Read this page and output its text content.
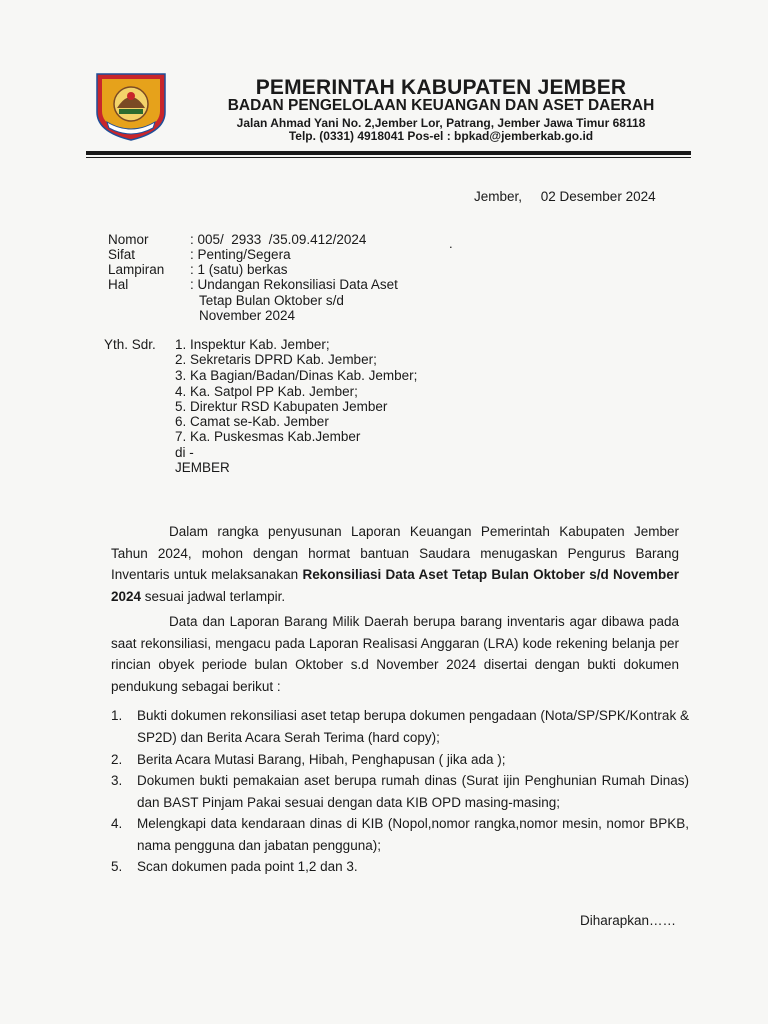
PEMERINTAH KABUPATEN JEMBER
BADAN PENGELOLAAN KEUANGAN DAN ASET DAERAH
Jalan Ahmad Yani No. 2,Jember Lor, Patrang, Jember Jawa Timur 68118
Telp. (0331) 4918041 Pos-el : bpkad@jemberkab.go.id
Jember,     02 Desember 2024
Nomor
Sifat
Lampiran
Hal
: 005/  2933  /35.09.412/2024
: Penting/Segera
: 1 (satu) berkas
: Undangan Rekonsiliasi Data Aset
Tetap Bulan Oktober s/d
November 2024
.
Yth. Sdr. 1. Inspektur Kab. Jember;
2. Sekretaris DPRD Kab. Jember;
3. Ka Bagian/Badan/Dinas Kab. Jember;
4. Ka. Satpol PP Kab. Jember;
5. Direktur RSD Kabupaten Jember
6. Camat se-Kab. Jember
7. Ka. Puskesmas Kab.Jember
di -
JEMBER
Dalam rangka penyusunan Laporan Keuangan Pemerintah Kabupaten Jember Tahun 2024, mohon dengan hormat bantuan Saudara menugaskan Pengurus Barang Inventaris untuk melaksanakan Rekonsiliasi Data Aset Tetap Bulan Oktober s/d November 2024 sesuai jadwal terlampir.
Data dan Laporan Barang Milik Daerah berupa barang inventaris agar dibawa pada saat rekonsiliasi, mengacu pada Laporan Realisasi Anggaran (LRA) kode rekening belanja per rincian obyek periode bulan Oktober s.d November 2024 disertai dengan bukti dokumen pendukung sebagai berikut :
1. Bukti dokumen rekonsiliasi aset tetap berupa dokumen pengadaan (Nota/SP/SPK/Kontrak & SP2D) dan Berita Acara Serah Terima (hard copy);
2. Berita Acara Mutasi Barang, Hibah, Penghapusan ( jika ada );
3. Dokumen bukti pemakaian aset berupa rumah dinas (Surat ijin Penghunian Rumah Dinas) dan BAST Pinjam Pakai sesuai dengan data KIB OPD masing-masing;
4. Melengkapi data kendaraan dinas di KIB (Nopol,nomor rangka,nomor mesin, nomor BPKB, nama pengguna dan jabatan pengguna);
5. Scan dokumen pada point 1,2 dan 3.
Diharapkan……
